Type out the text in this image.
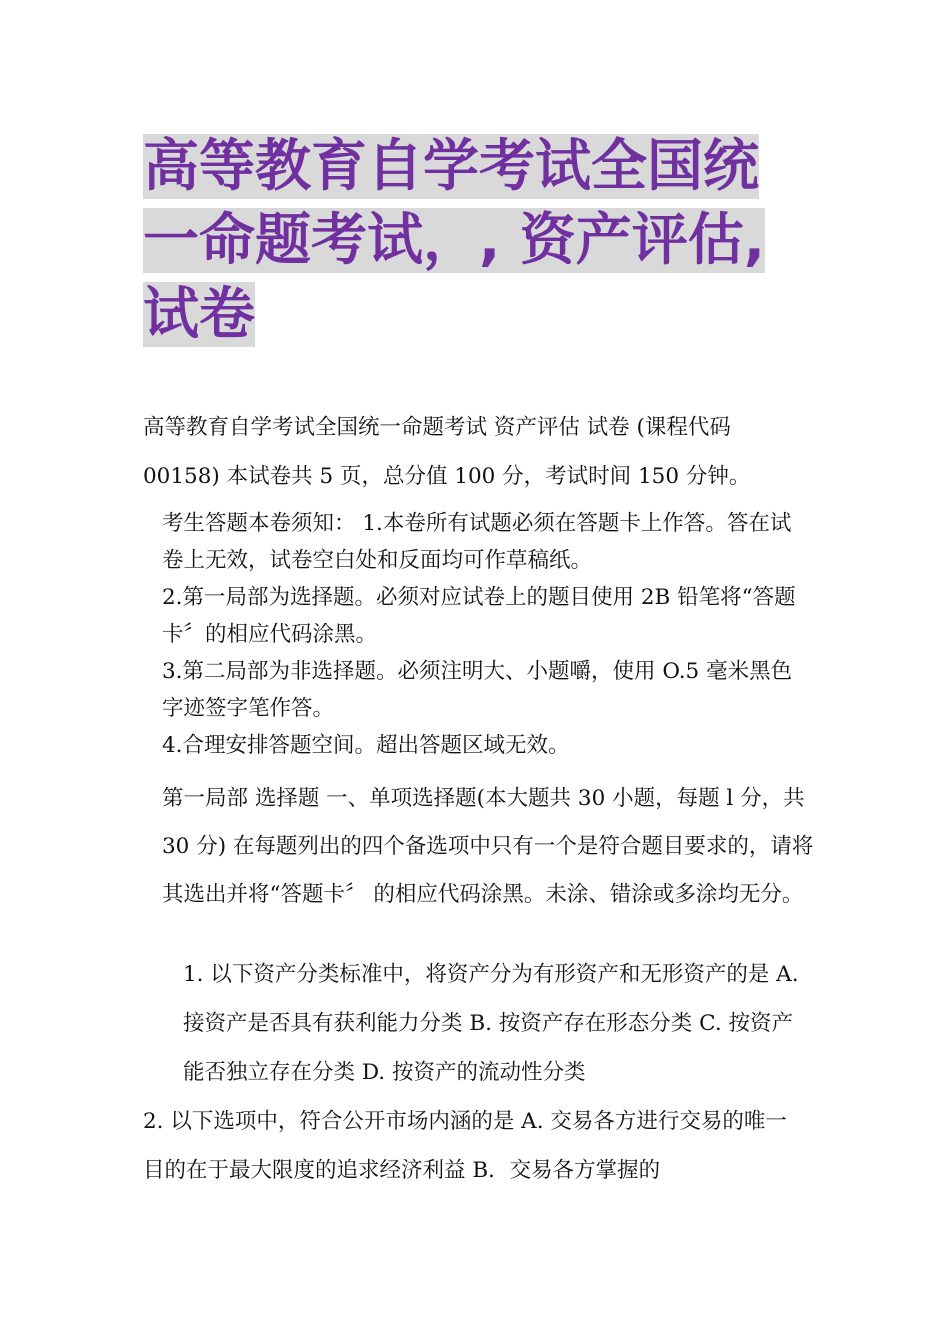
高等教育自学考试全国统一命题考试，, 资产评估, 试卷

高等教育自学考试全国统一命题考试 资产评估 试卷 (课程代码 00158) 本试卷共 5 页，总分值 100 分，考试时间 150 分钟。

考生答题本卷须知： 1.本卷所有试题必须在答题卡上作答。答在试卷上无效，试卷空白处和反面均可作草稿纸。

2.第一局部为选择题。必须对应试卷上的题目使用 2B 铅笔将“答题卡〞的相应代码涂黑。

3.第二局部为非选择题。必须注明大、小题嚼，使用 O.5 毫米黑色字迹签字笔作答。

4.合理安排答题空间。超出答题区域无效。

第一局部 选择题 一、单项选择题(本大题共 30 小题，每题 l 分，共 30 分) 在每题列出的四个备选项中只有一个是符合题目要求的，请将其选出并将“答题卡〞 的相应代码涂黑。未涂、错涂或多涂均无分。

1. 以下资产分类标准中，将资产分为有形资产和无形资产的是 A. 接资产是否具有获利能力分类 B. 按资产存在形态分类 C. 按资产能否独立存在分类 D. 按资产的流动性分类

2. 以下选项中，符合公开市场内涵的是 A. 交易各方进行交易的唯一目的在于最大限度的追求经济利益 B．交易各方掌握的
